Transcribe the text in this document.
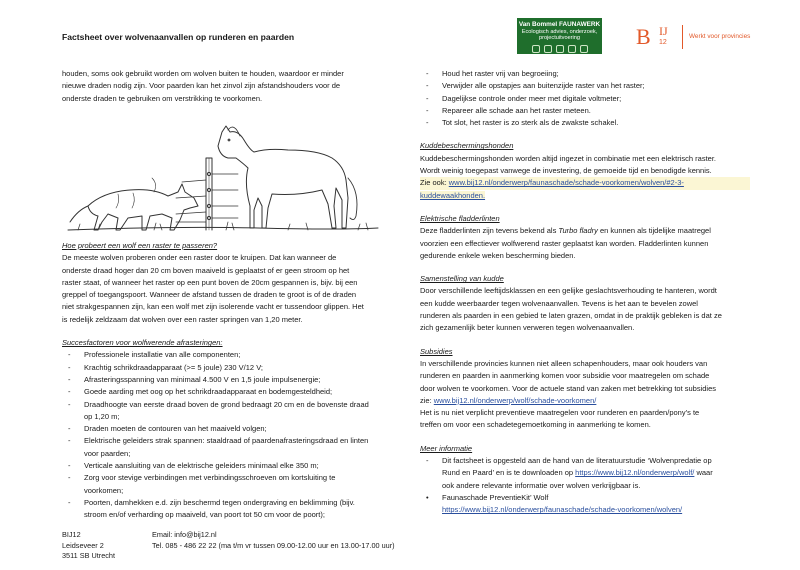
Factsheet over wolvenaanvallen op runderen en paarden
Van Bommel FAUNAWERK
Ecologisch advies, onderzoek, projectuitvoering	B IJ
12
Werkt voor provincies

houden, soms ook gebruikt worden om wolven buiten te houden, waardoor er minder

nieuwe draden nodig zijn. Voor paarden kan het zinvol zijn afstandshouders voor de

onderste draden te gebruiken om verstrikking te voorkomen.

Hoe probeert een wolf een raster te passeren?

De meeste wolven proberen onder een raster door te kruipen. Dat kan wanneer de

onderste draad hoger dan 20 cm boven maaiveld is geplaatst of er geen stroom op het

raster staat, of wanneer het raster op een punt boven de 20cm gespannen is, bijv. bij een

greppel of toegangspoort. Wanneer de afstand tussen de draden te groot is of de draden

niet strakgespannen zijn, kan een wolf met zijn isolerende vacht er tussendoor glippen. Het

is redelijk zeldzaam dat wolven over een raster springen van 1,20 meter.

Succesfactoren voor wolfwerende afrasteringen:

- Professionele installatie van alle componenten;
- Krachtig schrikdraadapparaat (>= 5 joule) 230 V/12 V;
- Afrasteringsspanning van minimaal 4.500 V en 1,5 joule impulsenergie;
- Goede aarding met oog op het schrikdraadapparaat en bodemgesteldheid;
- Draadhoogte van eerste draad boven de grond bedraagt 20 cm en de bovenste draad
op 1,20 m;
- Draden moeten de contouren van het maaiveld volgen;
- Elektrische geleiders strak spannen: staaldraad of paardenafrasteringsdraad en linten
voor paarden;
- Verticale aansluiting van de elektrische geleiders minimaal elke 350 m;
- Zorg voor stevige verbindingen met verbindingsschroeven om kortsluiting te
voorkomen;
- Poorten, damhekken e.d. zijn beschermd tegen ondergraving en beklimming (bijv.
stroom en/of verharding op maaiveld, van poort tot 50 cm voor de poort);
- Houd het raster vrij van begroeiing;
- Verwijder alle opstapjes aan buitenzijde raster van het raster;
- Dagelijkse controle onder meer met digitale voltmeter;
- Repareer alle schade aan het raster meteen.
- Tot slot, het raster is zo sterk als de zwakste schakel.

Kuddebeschermingshonden

Kuddebeschermingshonden worden altijd ingezet in combinatie met een elektrisch raster.

Wordt weinig toegepast vanwege de investering, de gemoeide tijd en benodigde kennis.

Zie ook: www.bij12.nl/onderwerp/faunaschade/schade-voorkomen/wolven/#2-3-

kuddewaakhonden.

Elektrische fladderlinten

Deze fladderlinten zijn tevens bekend als Turbo fladry en kunnen als tijdelijke maatregel

voorzien een effectiever wolfwerend raster geplaatst kan worden. Fladderlinten kunnen

gedurende enkele weken bescherming bieden.

Samenstelling van kudde

Door verschillende leeftijdsklassen en een gelijke geslachtsverhouding te hanteren, wordt

een kudde weerbaarder tegen wolvenaanvallen. Tevens is het aan te bevelen zowel

runderen als paarden in een gebied te laten grazen, omdat in de praktijk gebleken is dat ze

zich gezamenlijk beter kunnen verweren tegen wolvenaanvallen.

Subsidies

In verschillende provincies kunnen niet alleen schapenhouders, maar ook houders van

runderen en paarden in aanmerking komen voor subsidie voor maatregelen om schade

door wolven te voorkomen. Voor de actuele stand van zaken met betrekking tot subsidies

zie: www.bij12.nl/onderwerp/wolf/schade-voorkomen/

Het is nu niet verplicht preventieve maatregelen voor runderen en paarden/pony’s te

treffen om voor een schadetegemoetkoming in aanmerking te komen.

Meer informatie

- Dit factsheet is opgesteld aan de hand van de literatuurstudie ‘Wolvenpredatie op
Rund en Paard’ en is te downloaden op https://www.bij12.nl/onderwerp/wolf/ waar
ook andere relevante informatie over wolven verkrijgbaar is.
• Faunaschade PreventieKit’ Wolf
https://www.bij12.nl/onderwerp/faunaschade/schade-voorkomen/wolven/
BIJ12
Leidseveer 2
3511 SB Utrecht
Email: info@bij12.nl
Tel. 085 - 486 22 22 (ma t/m vr tussen 09.00-12.00 uur en 13.00-17.00 uur)
